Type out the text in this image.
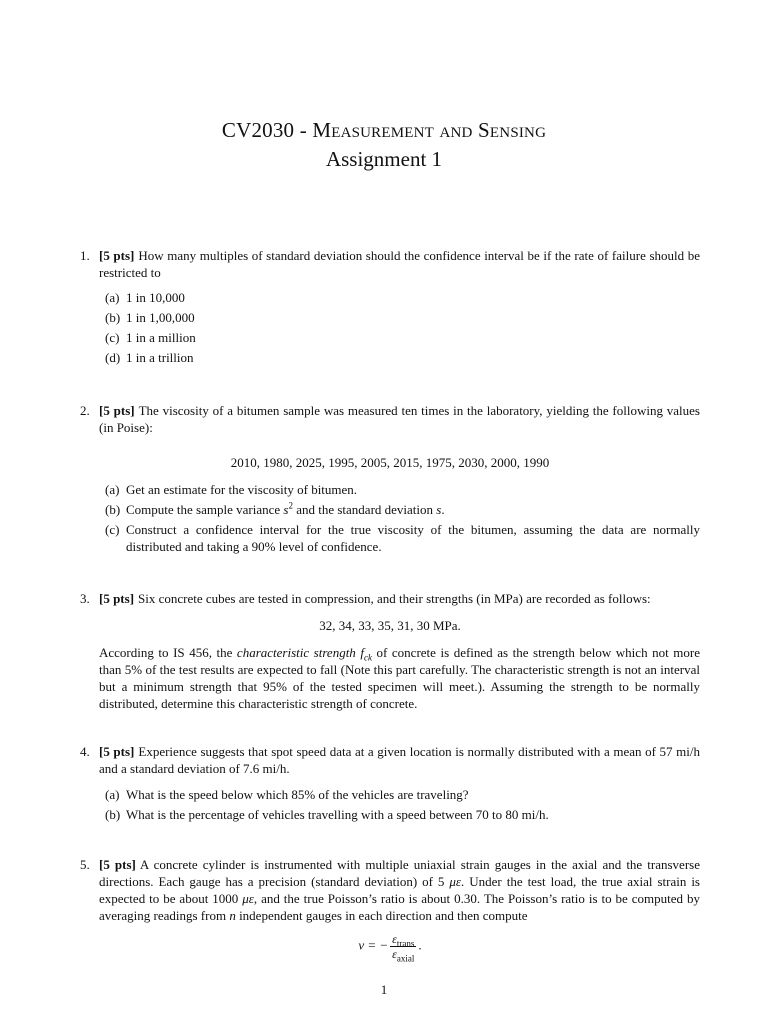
CV2030 - Measurement and Sensing
Assignment 1
1. [5 pts] How many multiples of standard deviation should the confidence interval be if the rate of failure should be restricted to
(a) 1 in 10,000
(b) 1 in 1,00,000
(c) 1 in a million
(d) 1 in a trillion
2. [5 pts] The viscosity of a bitumen sample was measured ten times in the laboratory, yielding the following values (in Poise):
2010, 1980, 2025, 1995, 2005, 2015, 1975, 2030, 2000, 1990
(a) Get an estimate for the viscosity of bitumen.
(b) Compute the sample variance $s^2$ and the standard deviation s.
(c) Construct a confidence interval for the true viscosity of the bitumen, assuming the data are normally distributed and taking a 90% level of confidence.
3. [5 pts] Six concrete cubes are tested in compression, and their strengths (in MPa) are recorded as follows:
32, 34, 33, 35, 31, 30 MPa.
According to IS 456, the characteristic strength $f_{ck}$ of concrete is defined as the strength below which not more than 5% of the test results are expected to fall (Note this part carefully. The characteristic strength is not an interval but a minimum strength that 95% of the tested specimen will meet.). Assuming the strength to be normally distributed, determine this characteristic strength of concrete.
4. [5 pts] Experience suggests that spot speed data at a given location is normally distributed with a mean of 57 mi/h and a standard deviation of 7.6 mi/h.
(a) What is the speed below which 85% of the vehicles are traveling?
(b) What is the percentage of vehicles travelling with a speed between 70 to 80 mi/h.
5. [5 pts] A concrete cylinder is instrumented with multiple uniaxial strain gauges in the axial and the transverse directions. Each gauge has a precision (standard deviation) of 5 με. Under the test load, the true axial strain is expected to be about 1000 με, and the true Poisson’s ratio is about 0.30. The Poisson’s ratio is to be computed by averaging readings from n independent gauges in each direction and then compute
ν = − $\frac{\varepsilon_{trans}}{\varepsilon_{axial}}$ .
1
